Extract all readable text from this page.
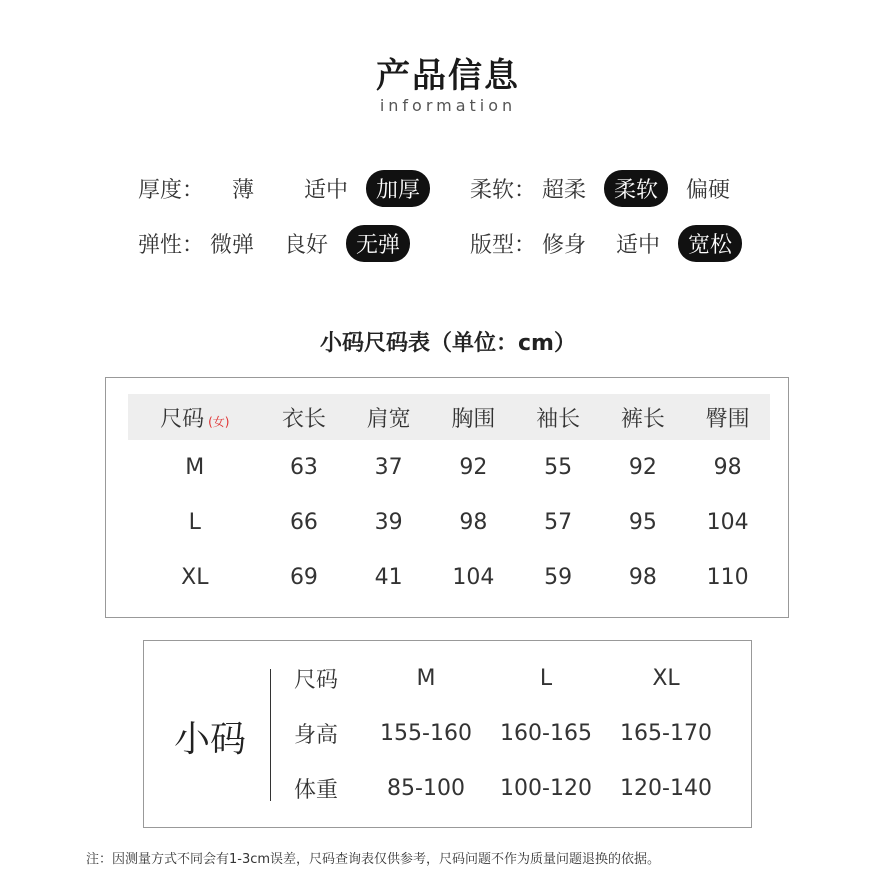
产品信息
information
厚度：	薄	适中	加厚	柔软： 超柔	柔软	偏硬
弹性： 微弹	良好	无弹	版型： 修身	适中	宽松
小码尺码表（单位：cm）
尺码 (女)	衣长	肩宽	胸围	袖长	裤长	臀围
M	63	37	92	55	92	98
L	66	39	98	57	95	104
XL	69	41	104	59	98	110
小码
尺码	M	L	XL
身高	155-160	160-165	165-170
体重	85-100	100-120	120-140
注：因测量方式不同会有1-3cm误差，尺码查询表仅供参考，尺码问题不作为质量问题退换的依据。
